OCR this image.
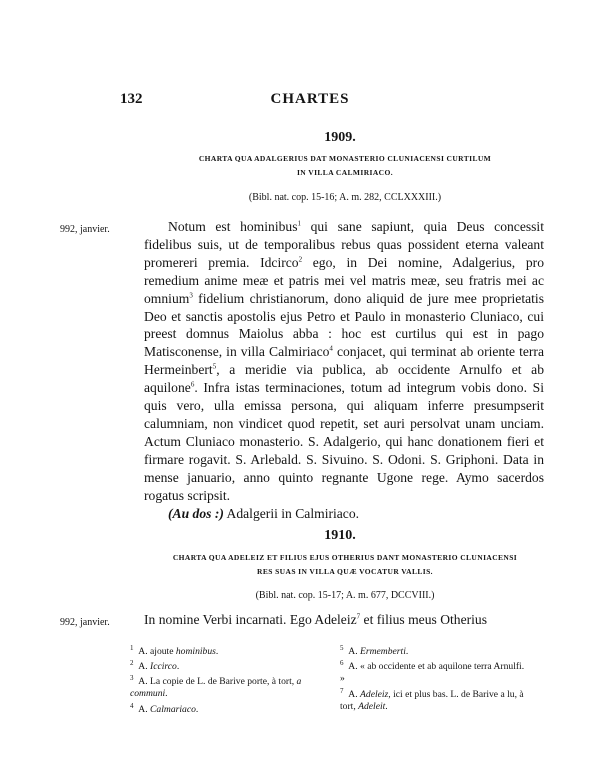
132	CHARTES
1909.
CHARTA QUA ADALGERIUS DAT MONASTERIO CLUNIACENSI CURTILUM
IN VILLA CALMIRIACO.
(Bibl. nat. cop. 15-16; A. m. 282, CCLXXXIII.)
992, janvier.	Notum est hominibus$^1$ qui sane sapiunt, quia Deus concessit fidelibus suis, ut de temporalibus rebus quas possident eterna valeant promereri premia. Idcirco$^2$ ego, in Dei nomine, Adalgerius, pro remedium anime meæ et patris mei vel matris meæ, seu fratris mei ac omnium$^3$ fidelium christianorum, dono aliquid de jure mee proprietatis Deo et sanctis apostolis ejus Petro et Paulo in monasterio Cluniaco, cui preest domnus Maiolus abba : hoc est curtilus qui est in pago Matisconense, in villa Calmiriaco$^4$ conjacet, qui terminat ab oriente terra Hermeinbert$^5$, a meridie via publica, ab occidente Arnulfo et ab aquilone$^6$. Infra istas terminaciones, totum ad integrum vobis dono. Si quis vero, ulla emissa persona, qui aliquam inferre presumpserit calumniam, non vindicet quod repetit, set auri persolvat unam unciam. Actum Cluniaco monasterio. S. Adalgerio, qui hanc donationem fieri et firmare rogavit. S. Arlebald. S. Sivuino. S. Odoni. S. Griphoni. Data in mense januario, anno quinto regnante Ugone rege. Aymo sacerdos rogatus scripsit.

(Au dos :) Adalgerii in Calmiriaco.

1910.
CHARTA QUA ADELEIZ ET FILIUS EJUS OTHERIUS DANT MONASTERIO CLUNIACENSI
RES SUAS IN VILLA QUÆ VOCATUR VALLIS.
(Bibl. nat. cop. 15-17; A. m. 677, DCCVIII.)
992, janvier.	In nomine Verbi incarnati. Ego Adeleiz$^7$ et filius meus Otherius
$^1$ A. ajoute hominibus.
$^2$ A. Iccirco.
$^3$ A. La copie de L. de Barive porte, à tort, a communi.
$^4$ A. Calmariaco.
$^5$ A. Ermemberti.
$^6$ A. « ab occidente et ab aquilone terra Arnulfi. »
$^7$ A. Adeleiz, ici et plus bas. L. de Barive a lu, à tort, Adeleit.
